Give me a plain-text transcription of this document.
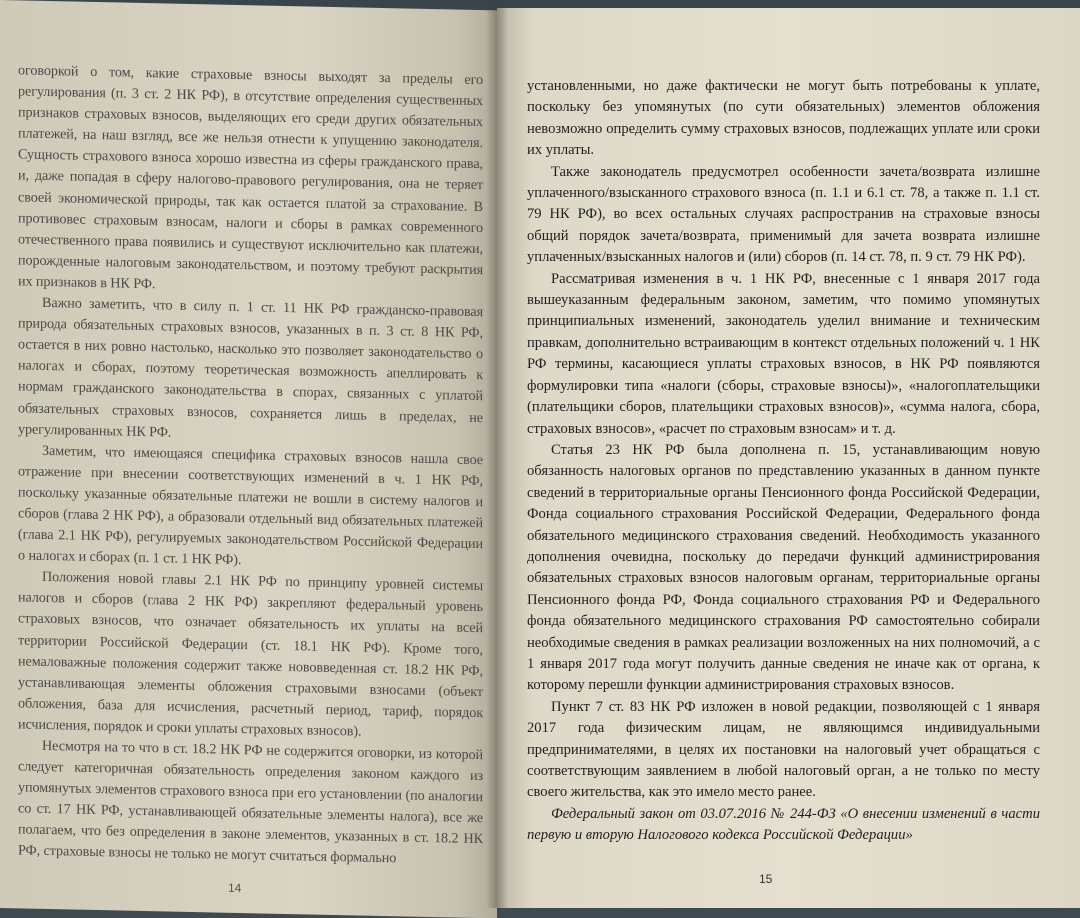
оговоркой о том, какие страховые взносы выходят за пределы его регулирования (п. 3 ст. 2 НК РФ), в отсутствие определения существенных признаков страховых взносов, выделяющих его среди других обязательных платежей, на наш взгляд, все же нельзя отнести к упущению законодателя. Сущность страхового взноса хорошо известна из сферы гражданского права, и, даже попадая в сферу налогово-правового регулирования, она не теряет своей экономической природы, так как остается платой за страхование. В противовес страховым взносам, налоги и сборы в рамках современного отечественного права появились и существуют исключительно как платежи, порожденные налоговым законодательством, и поэтому требуют раскрытия их признаков в НК РФ.

Важно заметить, что в силу п. 1 ст. 11 НК РФ гражданско-правовая природа обязательных страховых взносов, указанных в п. 3 ст. 8 НК РФ, остается в них ровно настолько, насколько это позволяет законодательство о налогах и сборах, поэтому теоретическая возможность апеллировать к нормам гражданского законодательства в спорах, связанных с уплатой обязательных страховых взносов, сохраняется лишь в пределах, не урегулированных НК РФ.

Заметим, что имеющаяся специфика страховых взносов нашла свое отражение при внесении соответствующих изменений в ч. 1 НК РФ, поскольку указанные обязательные платежи не вошли в систему налогов и сборов (глава 2 НК РФ), а образовали отдельный вид обязательных платежей (глава 2.1 НК РФ), регулируемых законодательством Российской Федерации о налогах и сборах (п. 1 ст. 1 НК РФ).

Положения новой главы 2.1 НК РФ по принципу уровней системы налогов и сборов (глава 2 НК РФ) закрепляют федеральный уровень страховых взносов, что означает обязательность их уплаты на всей территории Российской Федерации (ст. 18.1 НК РФ). Кроме того, немаловажные положения содержит также нововведенная ст. 18.2 НК РФ, устанавливающая элементы обложения страховыми взносами (объект обложения, база для исчисления, расчетный период, тариф, порядок исчисления, порядок и сроки уплаты страховых взносов).

Несмотря на то что в ст. 18.2 НК РФ не содержится оговорки, из которой следует категоричная обязательность определения законом каждого из упомянутых элементов страхового взноса при его установлении (по аналогии со ст. 17 НК РФ, устанавливающей обязательные элементы налога), все же полагаем, что без определения в законе элементов, указанных в ст. 18.2 НК РФ, страховые взносы не только не могут считаться формально

14

установленными, но даже фактически не могут быть потребованы к уплате, поскольку без упомянутых (по сути обязательных) элементов обложения невозможно определить сумму страховых взносов, подлежащих уплате или сроки их уплаты.

Также законодатель предусмотрел особенности зачета/возврата излишне уплаченного/взысканного страхового взноса (п. 1.1 и 6.1 ст. 78, а также п. 1.1 ст. 79 НК РФ), во всех остальных случаях распространив на страховые взносы общий порядок зачета/возврата, применимый для зачета возврата излишне уплаченных/взысканных налогов и (или) сборов (п. 14 ст. 78, п. 9 ст. 79 НК РФ).

Рассматривая изменения в ч. 1 НК РФ, внесенные с 1 января 2017 года вышеуказанным федеральным законом, заметим, что помимо упомянутых принципиальных изменений, законодатель уделил внимание и техническим правкам, дополнительно встраивающим в контекст отдельных положений ч. 1 НК РФ термины, касающиеся уплаты страховых взносов, в НК РФ появляются формулировки типа «налоги (сборы, страховые взносы)», «налогоплательщики (плательщики сборов, плательщики страховых взносов)», «сумма налога, сбора, страховых взносов», «расчет по страховым взносам» и т. д.

Статья 23 НК РФ была дополнена п. 15, устанавливающим новую обязанность налоговых органов по представлению указанных в данном пункте сведений в территориальные органы Пенсионного фонда Российской Федерации, Фонда социального страхования Российской Федерации, Федерального фонда обязательного медицинского страхования сведений. Необходимость указанного дополнения очевидна, поскольку до передачи функций администрирования обязательных страховых взносов налоговым органам, территориальные органы Пенсионного фонда РФ, Фонда социального страхования РФ и Федерального фонда обязательного медицинского страхования РФ самостоятельно собирали необходимые сведения в рамках реализации возложенных на них полномочий, а с 1 января 2017 года могут получить данные сведения не иначе как от органа, к которому перешли функции администрирования страховых взносов.

Пункт 7 ст. 83 НК РФ изложен в новой редакции, позволяющей с 1 января 2017 года физическим лицам, не являющимся индивидуальными предпринимателями, в целях их постановки на налоговый учет обращаться с соответствующим заявлением в любой налоговый орган, а не только по месту своего жительства, как это имело место ранее.

Федеральный закон от 03.07.2016 № 244-ФЗ «О внесении изменений в части первую и вторую Налогового кодекса Российской Федерации»

15
